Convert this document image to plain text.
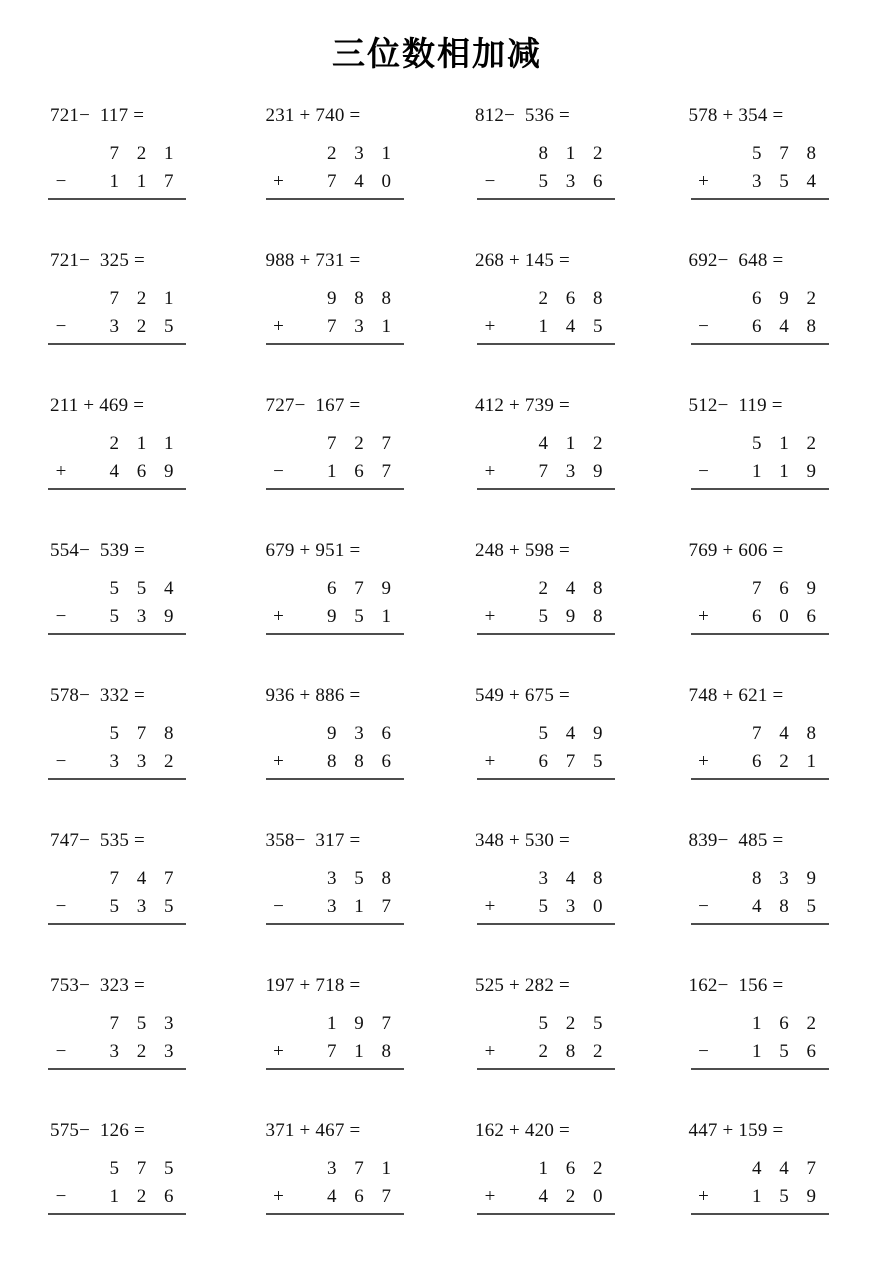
三位数相加减
721−  117 =
7 2 1
−	1 1 7
231 + 740 =
2 3 1
+	7 4 0
812−  536 =
8 1 2
−	5 3 6
578 + 354 =
5 7 8
+	3 5 4
721−  325 =
7 2 1
−	3 2 5
988 + 731 =
9 8 8
+	7 3 1
268 + 145 =
2 6 8
+	1 4 5
692−  648 =
6 9 2
−	6 4 8
211 + 469 =
2 1 1
+	4 6 9
727−  167 =
7 2 7
−	1 6 7
412 + 739 =
4 1 2
+	7 3 9
512−  119 =
5 1 2
−	1 1 9
554−  539 =
5 5 4
−	5 3 9
679 + 951 =
6 7 9
+	9 5 1
248 + 598 =
2 4 8
+	5 9 8
769 + 606 =
7 6 9
+	6 0 6
578−  332 =
5 7 8
−	3 3 2
936 + 886 =
9 3 6
+	8 8 6
549 + 675 =
5 4 9
+	6 7 5
748 + 621 =
7 4 8
+	6 2 1
747−  535 =
7 4 7
−	5 3 5
358−  317 =
3 5 8
−	3 1 7
348 + 530 =
3 4 8
+	5 3 0
839−  485 =
8 3 9
−	4 8 5
753−  323 =
7 5 3
−	3 2 3
197 + 718 =
1 9 7
+	7 1 8
525 + 282 =
5 2 5
+	2 8 2
162−  156 =
1 6 2
−	1 5 6
575−  126 =
5 7 5
−	1 2 6
371 + 467 =
3 7 1
+	4 6 7
162 + 420 =
1 6 2
+	4 2 0
447 + 159 =
4 4 7
+	1 5 9
